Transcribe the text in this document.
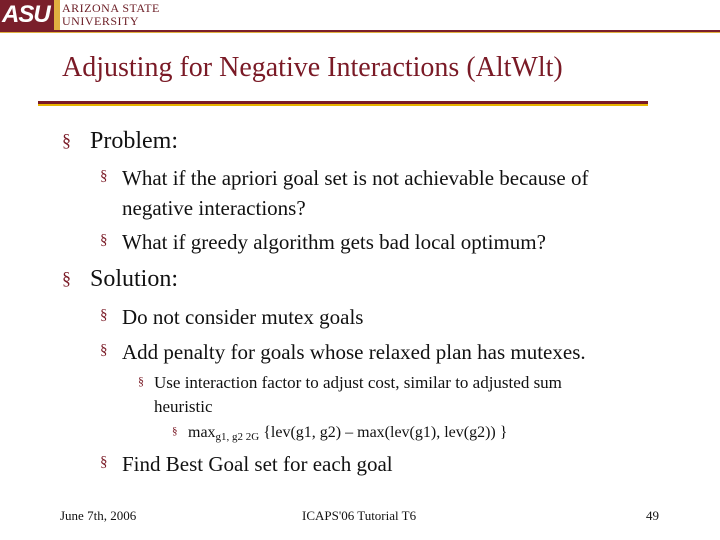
ASU	ARIZONA STATE
UNIVERSITY
Adjusting for Negative Interactions (AltWlt)
§ Problem:
§ What if the apriori goal set is not achievable because of
negative interactions?
§ What if greedy algorithm gets bad local optimum?
§ Solution:
§ Do not consider mutex goals
§ Add penalty for goals whose relaxed plan has mutexes.
§ Use interaction factor to adjust cost, similar to adjusted sum
heuristic
§ $\max_{g1, g2 2G} \{lev(g1$, g2) – max(lev(g1), lev(g2)) }
§ Find Best Goal set for each goal
June 7th, 2006	ICAPS'06 Tutorial T6	49
